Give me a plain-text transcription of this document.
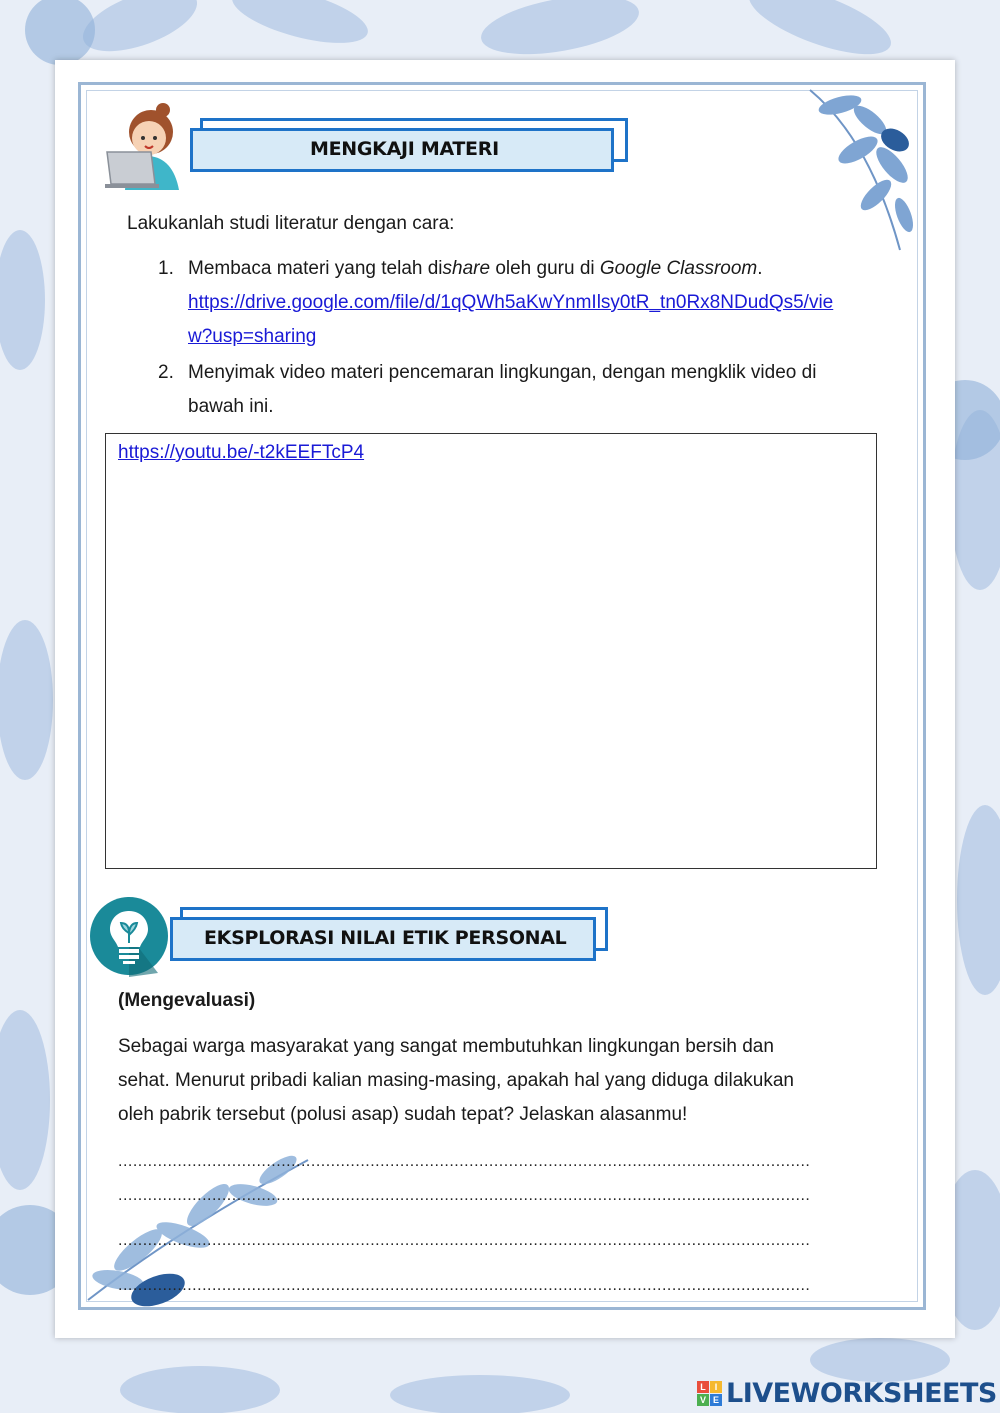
MENGKAJI MATERI
Lakukanlah studi literatur dengan cara:
1. Membaca materi yang telah dishare oleh guru di Google Classroom.
https://drive.google.com/file/d/1qQWh5aKwYnmIlsy0tR_tn0Rx8NDudQs5/vie
w?usp=sharing
2. Menyimak video materi pencemaran lingkungan, dengan mengklik video di
bawah ini.
https://youtu.be/-t2kEEFTcP4
EKSPLORASI NILAI ETIK PERSONAL
(Mengevaluasi)
Sebagai warga masyarakat yang sangat membutuhkan lingkungan bersih dan
sehat. Menurut pribadi kalian masing-masing, apakah hal yang diduga dilakukan
oleh pabrik tersebut (polusi asap) sudah tepat? Jelaskan alasanmu!
............................................................................................................................................
............................................................................................................................................
............................................................................................................................................
............................................................................................................................................
L I
V E LIVEWORKSHEETS
